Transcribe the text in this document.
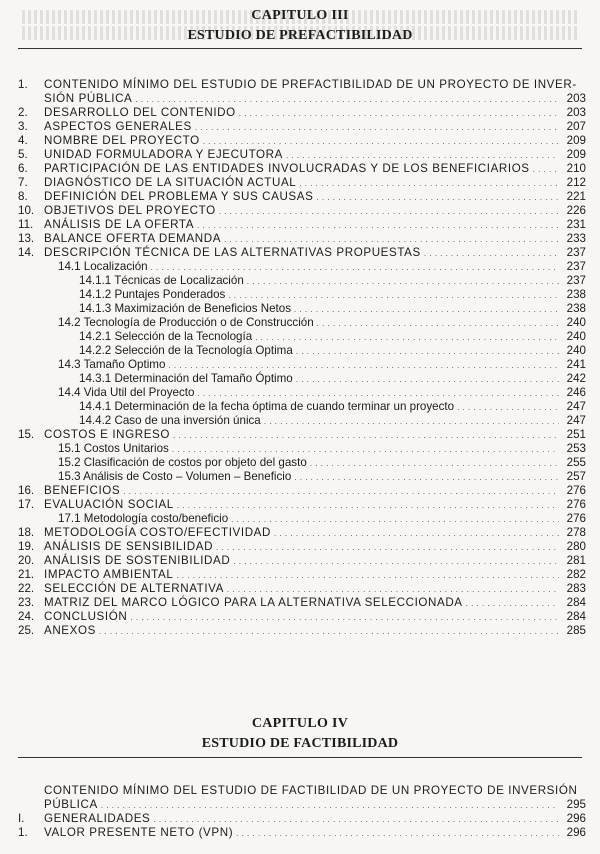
CAPITULO III
ESTUDIO DE PREFACTIBILIDAD
1.	CONTENIDO MÍNIMO DEL ESTUDIO DE PREFACTIBILIDAD DE UN PROYECTO DE INVER-
SIÓN PÚBLICA . . .	203
2.	DESARROLLO DEL CONTENIDO . . .	203
3.	ASPECTOS GENERALES . . .	207
4.	NOMBRE DEL PROYECTO . . .	209
5.	UNIDAD FORMULADORA Y EJECUTORA . . .	209
6.	PARTICIPACIÓN DE LAS ENTIDADES INVOLUCRADAS Y DE LOS BENEFICIARIOS . . .	210
7.	DIAGNÓSTICO DE LA SITUACIÓN ACTUAL . . .	212
8.	DEFINICIÓN DEL PROBLEMA Y SUS CAUSAS . . .	221
10. OBJETIVOS DEL PROYECTO . . .	226
11. ANÁLISIS DE LA OFERTA . . .	231
13. BALANCE OFERTA DEMANDA . . .	233
14. DESCRIPCIÓN TÉCNICA DE LAS ALTERNATIVAS PROPUESTAS . . .	237
14.1 Localización . . .	237
14.1.1 Técnicas de Localización . . .	237
14.1.2 Puntajes Ponderados . . .	238
14.1.3 Maximización de Beneficios Netos . . .	238
14.2 Tecnología de Producción o de Construcción . . .	240
14.2.1 Selección de la Tecnología . . .	240
14.2.2 Selección de la Tecnología Optima . . .	240
14.3 Tamaño Optimo . . .	241
14.3.1 Determinación del Tamaño Óptimo . . .	242
14.4 Vida Util del Proyecto . . .	246
14.4.1 Determinación de la fecha óptima de cuando terminar un proyecto . . .	247
14.4.2 Caso de una inversión única . . .	247
15. COSTOS E INGRESO . . .	251
15.1 Costos Unitarios . . .	253
15.2 Clasificación de costos por objeto del gasto . . .	255
15.3 Análisis de Costo – Volumen – Beneficio . . .	257
16. BENEFICIOS . . .	276
17. EVALUACIÓN SOCIAL . . .	276
17.1 Metodología costo/beneficio . . .	276
18. METODOLOGÍA COSTO/EFECTIVIDAD . . .	278
19. ANÁLISIS DE SENSIBILIDAD . . .	280
20. ANÁLISIS DE SOSTENIBILIDAD . . .	281
21. IMPACTO AMBIENTAL . . .	282
22. SELECCIÓN DE ALTERNATIVA . . .	283
23. MATRIZ DEL MARCO LÓGICO PARA LA ALTERNATIVA SELECCIONADA . . .	284
24. CONCLUSIÓN . . .	284
25. ANEXOS . . .	285
CAPITULO IV
ESTUDIO DE FACTIBILIDAD
CONTENIDO MÍNIMO DEL ESTUDIO DE FACTIBILIDAD DE UN PROYECTO DE INVERSIÓN
PÚBLICA . . .	295
I.	GENERALIDADES . . .	296
1.	VALOR PRESENTE NETO (VPN) . . .	296
